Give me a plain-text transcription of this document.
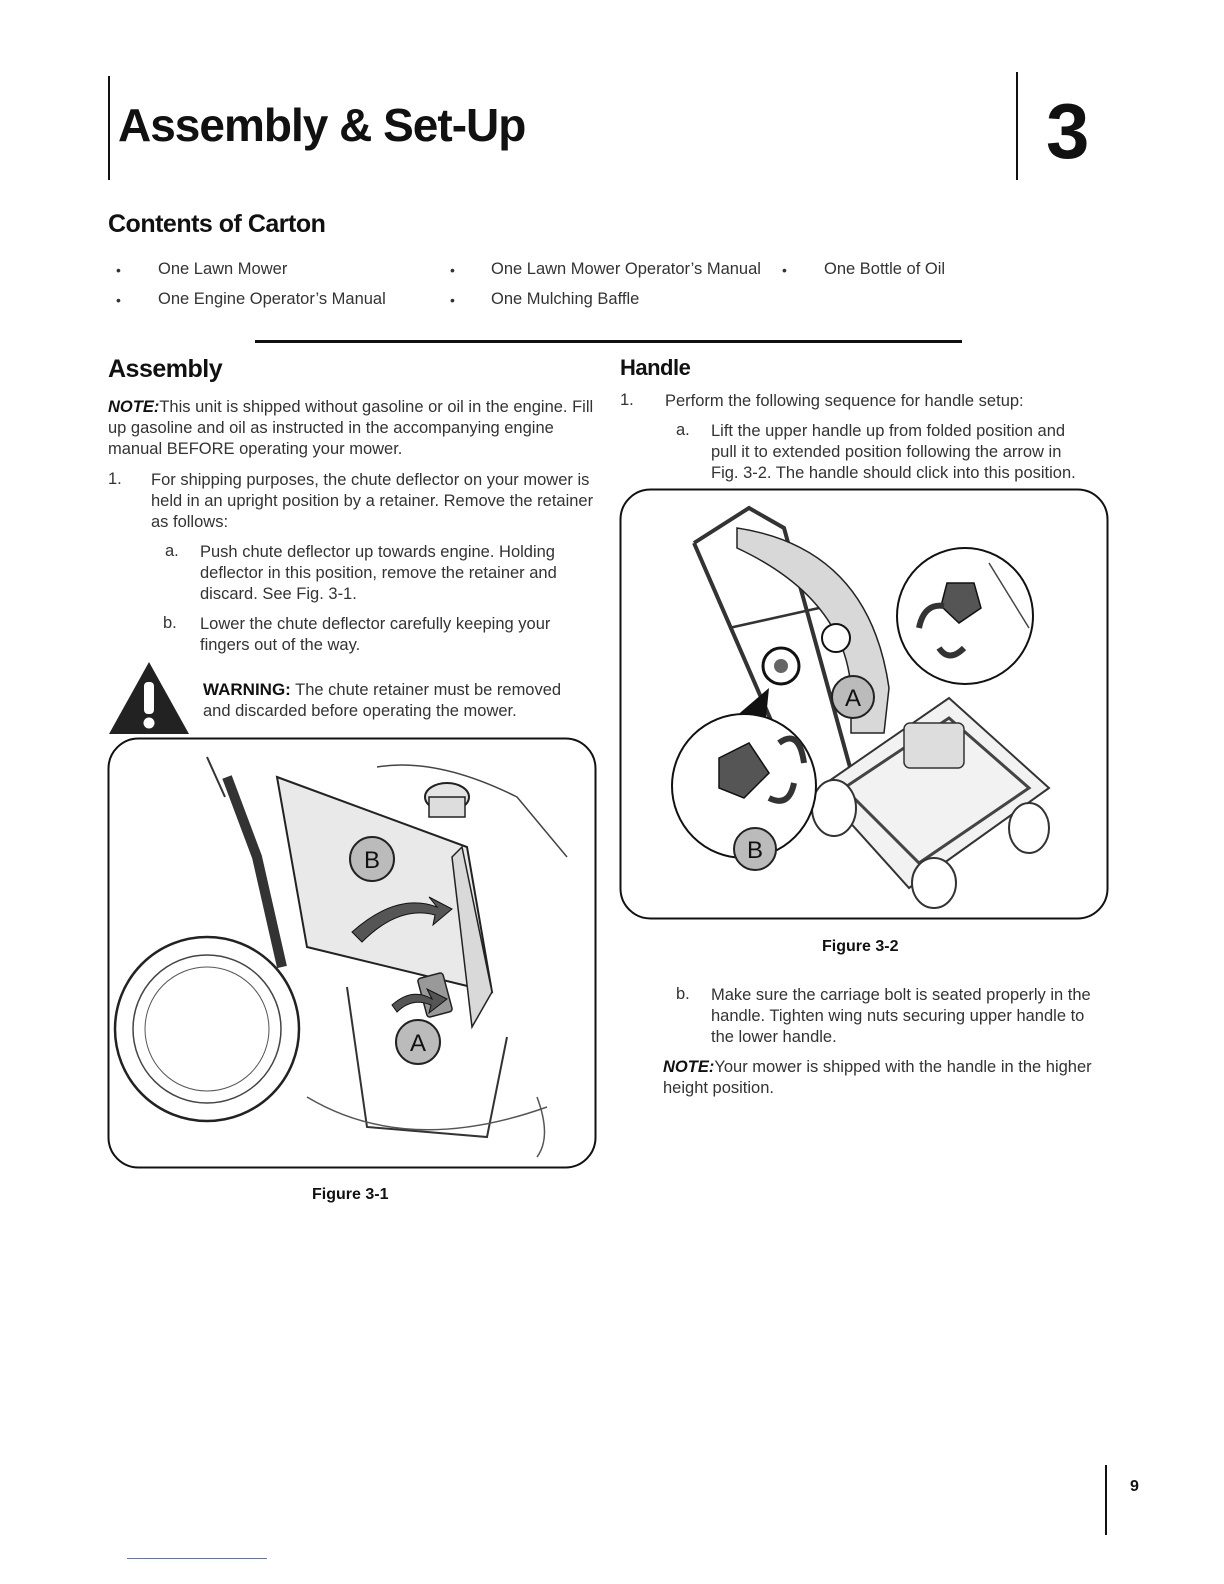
Assembly & Set-Up	3
Contents of Carton
• One Lawn Mower	• One Lawn Mower Operator’s Manual • One Bottle of Oil
• One Engine Operator’s Manual	• One Mulching Baffle
Assembly
NOTE:This unit is shipped without gasoline or oil in the engine. Fill up gasoline and oil as instructed in the accompanying engine manual BEFORE operating your mower.
1. For shipping purposes, the chute deflector on your mower is held in an upright position by a retainer. Remove the retainer as follows:
a. Push chute deflector up towards engine. Holding deflector in this position, remove the retainer and discard. See Fig. 3-1.
b. Lower the chute deflector carefully keeping your fingers out of the way.
WARNING: The chute retainer must be removed and discarded before operating the mower.
B
A
Figure 3-1
Handle
1. Perform the following sequence for handle setup:
a. Lift the upper handle up from folded position and pull it to extended position following the arrow in Fig. 3-2. The handle should click into this position.
A
B
Figure 3-2
b. Make sure the carriage bolt is seated properly in the handle. Tighten wing nuts securing upper handle to the lower handle.
NOTE:Your mower is shipped with the handle in the higher height position.
9
